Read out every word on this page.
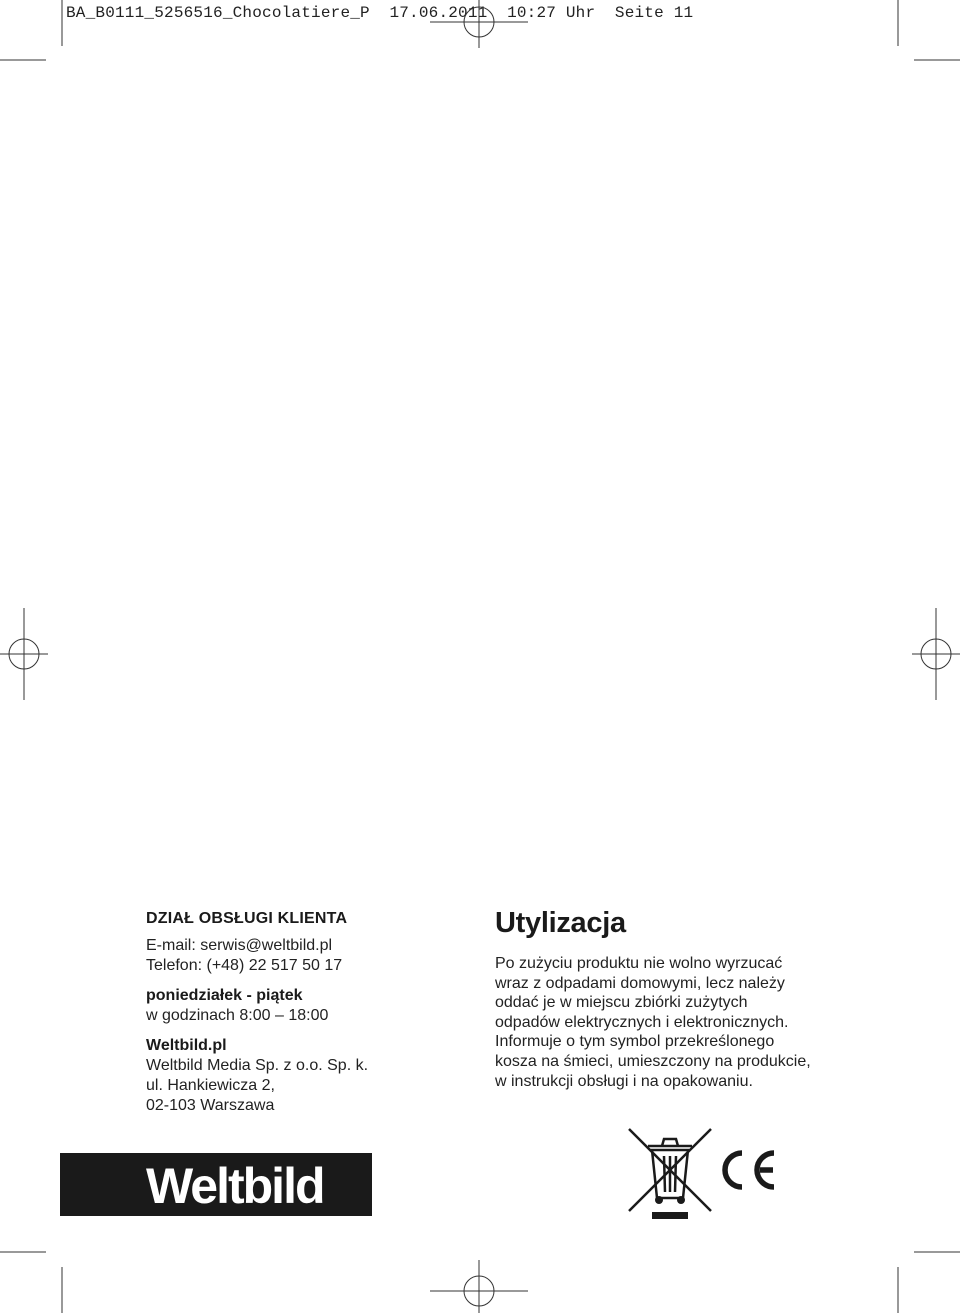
BA_B0111_5256516_Chocolatiere_P  17.06.2011  10:27 Uhr  Seite 11
DZIAŁ OBSŁUGI KLIENTA
E-mail: serwis@weltbild.pl
Telefon: (+48) 22 517 50 17
poniedziałek - piątek
w godzinach 8:00 – 18:00
Weltbild.pl
Weltbild Media Sp. z o.o. Sp. k.
ul. Hankiewicza 2,
02-103 Warszawa
Utylizacja

Po zużyciu produktu nie wolno wyrzucać

wraz z odpadami domowymi, lecz należy

oddać je w miejscu zbiórki zużytych

odpadów elektrycznych i elektronicznych.

Informuje o tym symbol przekreślonego

kosza na śmieci, umieszczony na produkcie,

w instrukcji obsługi i na opakowaniu.

Weltbild
